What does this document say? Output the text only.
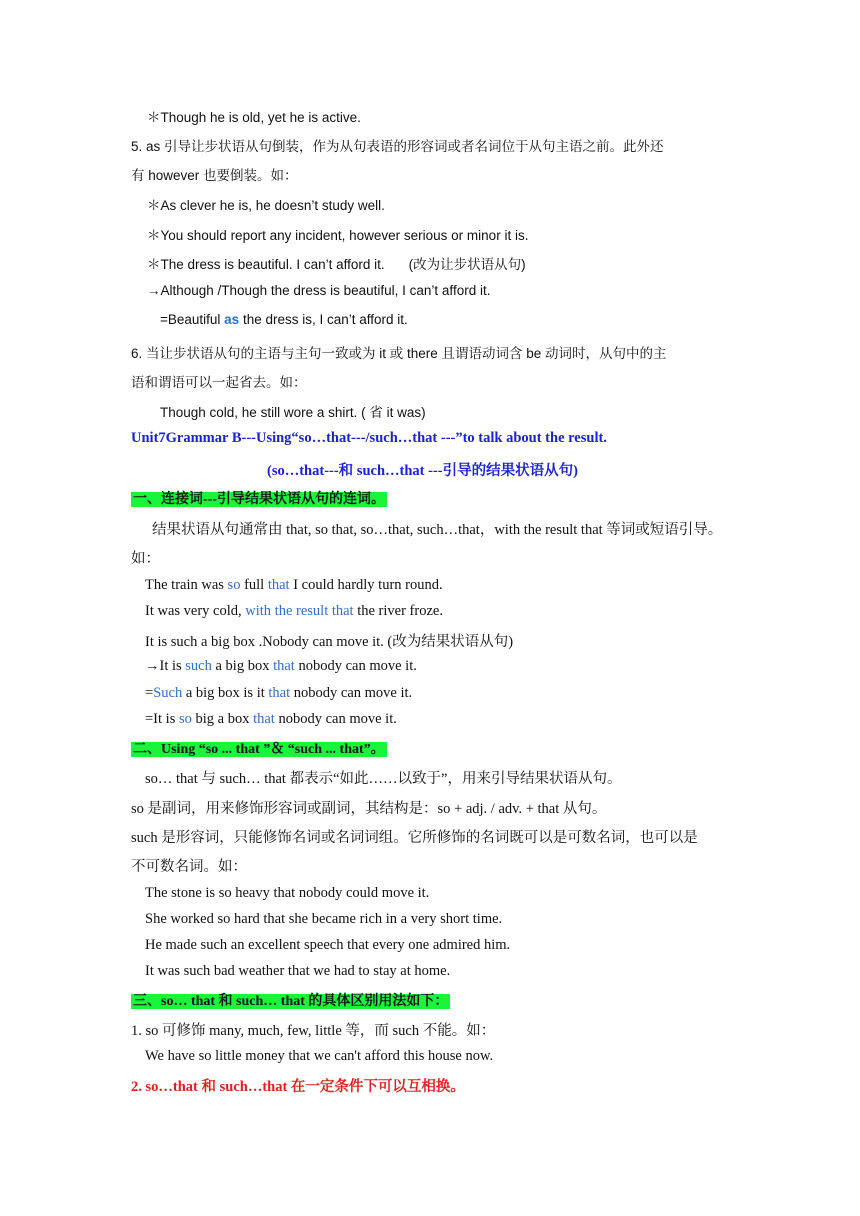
＊Though he is old, yet he is active.
5. as 引导让步状语从句倒装，作为从句表语的形容词或者名词位于从句主语之前。此外还
有 however 也要倒装。如：
＊As clever he is, he doesn’t study well.
＊You should report any incident, however serious or minor it is.
＊The dress is beautiful. I can’t afford it. (改为让步状语从句)
→Although /Though the dress is beautiful, I can’t afford it.
=Beautiful as the dress is, I can’t afford it.
6. 当让步状语从句的主语与主句一致或为 it 或 there 且谓语动词含 be 动词时，从句中的主
语和谓语可以一起省去。如：
Though cold, he still wore a shirt. ( 省 it was)
Unit7Grammar B---Using“so…that---/such…that ---”to talk about the result.
(so…that---和 such…that ---引导的结果状语从句)
一、连接词---引导结果状语从句的连词。
结果状语从句通常由 that, so that, so…that, such…that，with the result that 等词或短语引导。
如：
The train was so full that I could hardly turn round.
It was very cold, with the result that the river froze.
It is such a big box .Nobody can move it. (改为结果状语从句)
→It is such a big box that nobody can move it.
=Such a big box is it that nobody can move it.
=It is so big a box that nobody can move it.
二、Using “so ... that ”＆ “such ... that”。
so… that 与 such… that 都表示“如此……以致于”，用来引导结果状语从句。
so 是副词，用来修饰形容词或副词，其结构是：so + adj. / adv. + that 从句。
such 是形容词，只能修饰名词或名词词组。它所修饰的名词既可以是可数名词，也可以是
不可数名词。如：
The stone is so heavy that nobody could move it.
She worked so hard that she became rich in a very short time.
He made such an excellent speech that every one admired him.
It was such bad weather that we had to stay at home.
三、so… that 和 such… that 的具体区别用法如下：
1. so 可修饰 many, much, few, little 等，而 such 不能。如：
We have so little money that we can't afford this house now.
2. so…that 和 such…that 在一定条件下可以互相换。
